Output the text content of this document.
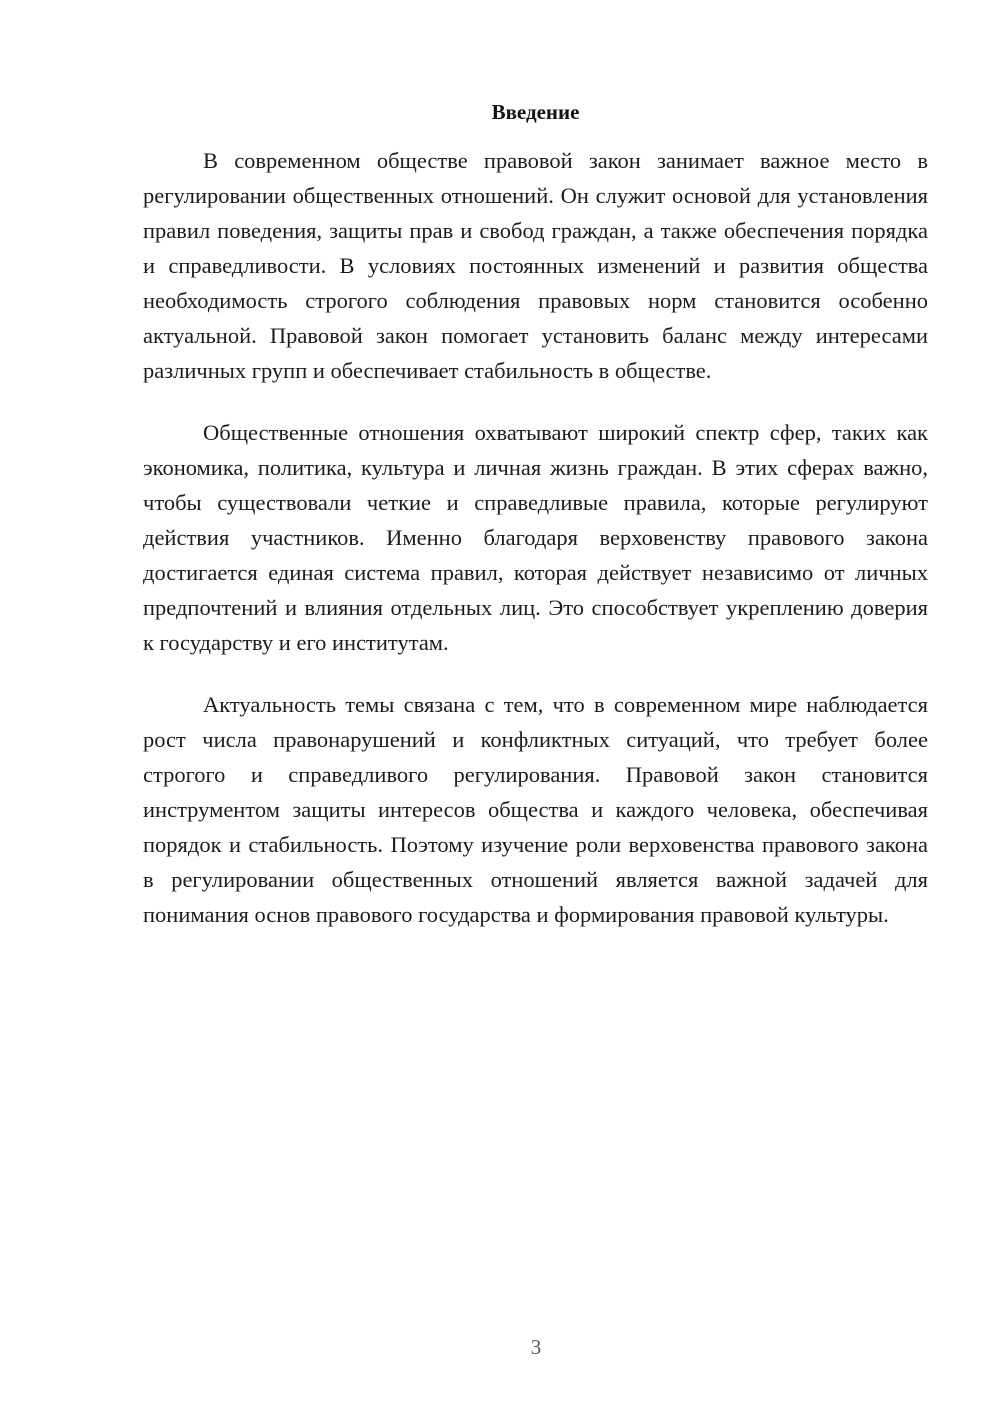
Введение

В современном обществе правовой закон занимает важное место в регулировании общественных отношений. Он служит основой для установления правил поведения, защиты прав и свобод граждан, а также обеспечения порядка и справедливости. В условиях постоянных изменений и развития общества необходимость строгого соблюдения правовых норм становится особенно актуальной. Правовой закон помогает установить баланс между интересами различных групп и обеспечивает стабильность в обществе.

Общественные отношения охватывают широкий спектр сфер, таких как экономика, политика, культура и личная жизнь граждан. В этих сферах важно, чтобы существовали четкие и справедливые правила, которые регулируют действия участников. Именно благодаря верховенству правового закона достигается единая система правил, которая действует независимо от личных предпочтений и влияния отдельных лиц. Это способствует укреплению доверия к государству и его институтам.

Актуальность темы связана с тем, что в современном мире наблюдается рост числа правонарушений и конфликтных ситуаций, что требует более строгого и справедливого регулирования. Правовой закон становится инструментом защиты интересов общества и каждого человека, обеспечивая порядок и стабильность. Поэтому изучение роли верховенства правового закона в регулировании общественных отношений является важной задачей для понимания основ правового государства и формирования правовой культуры.

3
